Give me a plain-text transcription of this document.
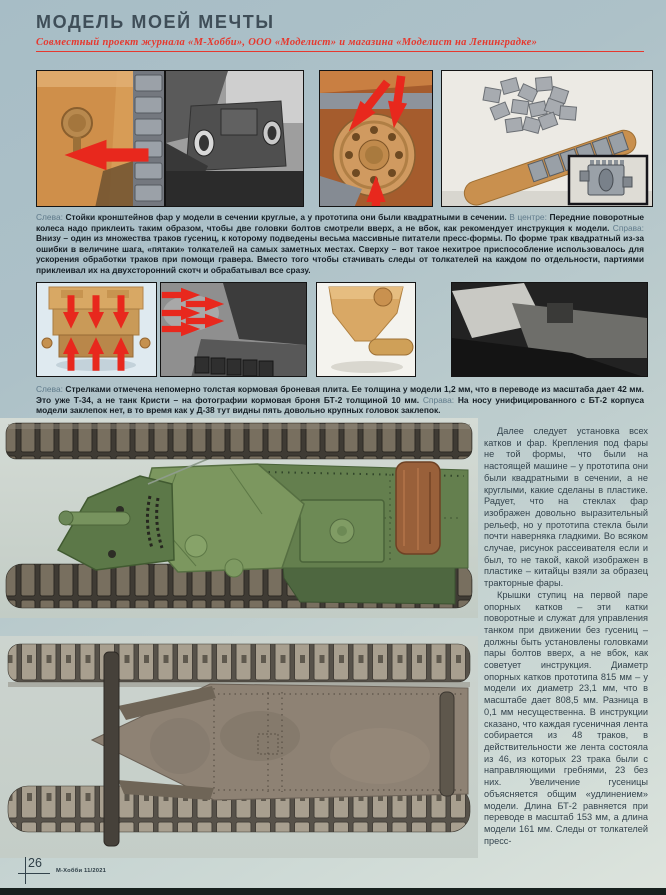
МОДЕЛЬ МОЕЙ МЕЧТЫ
Совместный проект журнала «М-Хобби», ООО «Моделист» и магазина «Моделист на Ленинградке»

Слева: Стойки кронштейнов фар у модели в сечении круглые, а у прототипа они были квадратными в сечении. В центре: Передние поворотные колеса надо приклеить таким образом, чтобы две головки болтов смотрели вверх, а не вбок, как рекомендует инструкция к модели. Справа:Внизу – один из множества траков гусениц, к которому подведены весьма массивные питатели пресс-формы. По форме трак квадратный из-за ошибки в величине шага, «пятаки» толкателей на самых заметных местах. Сверху – вот такое нехитрое приспособление использовалось для ускорения обработки траков при помощи гравера. Вместо того чтобы стачивать следы от толкателей на каждом по отдельности, партиями приклеивал их на двухсторонний скотч и обрабатывал все сразу.

Слева: Стрелками отмечена непомерно толстая кормовая броневая плита. Ее толщина у модели 1,2 мм, что в переводе из масштаба дает 42 мм. Это уже Т-34, а не танк Кристи – на фотографии кормовая броня БТ-2 толщиной 10 мм. Справа: На носу унифицированного с БТ-2 корпуса модели заклепок нет, в то время как у Д-38 тут видны пять довольно крупных головок заклепок.

Далее следует установка всех катков и фар. Крепления под фары не той формы, что были на настоящей машине – у прототипа они были квадратными в сечении, а не круглыми, какие сделаны в пластике. Радует, что на стеклах фар изображен довольно выразительный рельеф, но у прототипа стекла были почти наверняка гладкими. Во всяком случае, рисунок рассеивателя если и был, то не такой, какой изображен в пластике – китайцы взяли за образец тракторные фары.

Крышки ступиц на первой паре опорных катков – эти катки поворотные и служат для управления танком при движении без гусениц – должны быть установлены головками пары болтов вверх, а не вбок, как советует инструкция. Диаметр опорных катков прототипа 815 мм – у модели их диаметр 23,1 мм, что в масштабе дает 808,5 мм. Разница в 0,1 мм несущественна. В инструкции сказано, что каждая гусеничная лента собирается из 48 траков, в действительности же лента состояла из 46, из которых 23 трака были с направляющими гребнями, 23 без них. Увеличение гусеницы объясняется общим «удлинением» модели. Длина БТ-2 равняется при переводе в масштаб 153 мм, а длина модели 161 мм. Следы от толкателей пресс-

26
М-Хобби 11/2021
